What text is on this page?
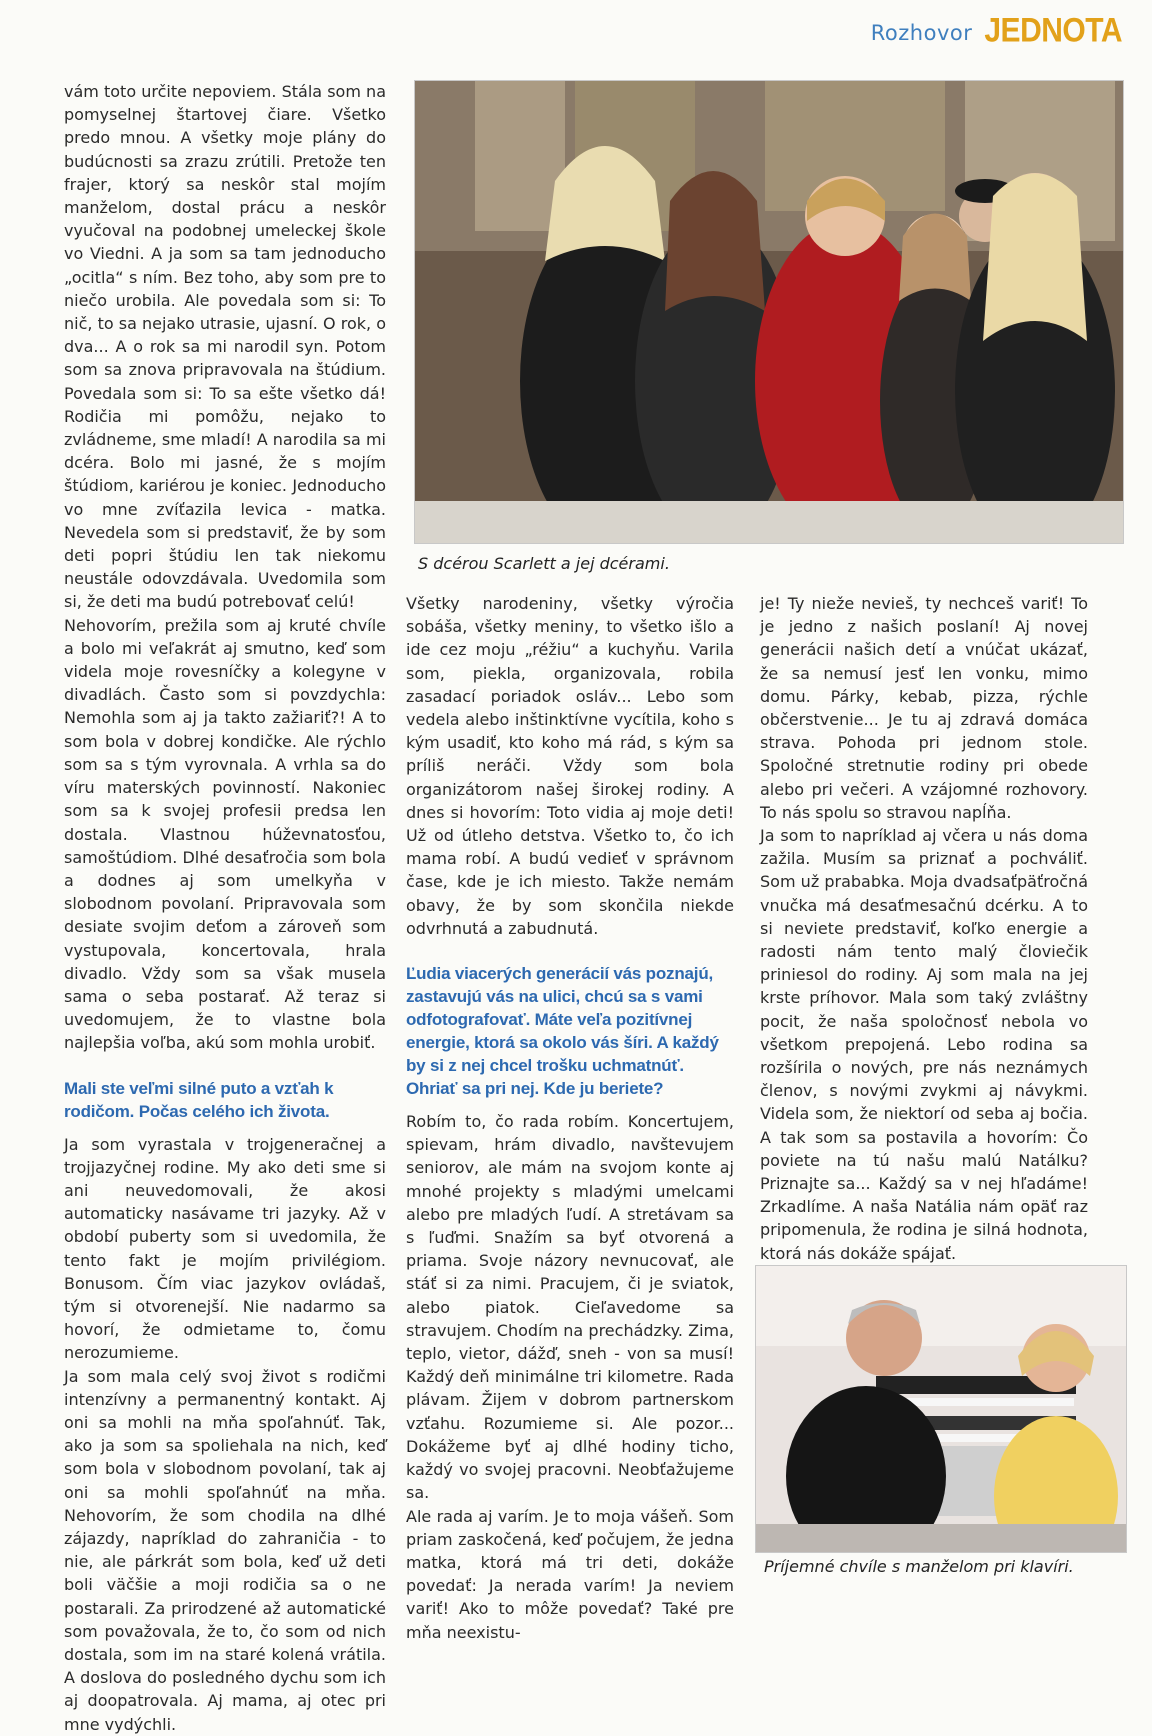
Rozhovor JEDNOTA

vám toto určite nepoviem. Stála som na pomyselnej štartovej čiare. Všetko predo mnou. A všetky moje plány do budúcnosti sa zrazu zrútili. Pretože ten frajer, ktorý sa neskôr stal mojím manželom, dostal prácu a neskôr vyučoval na podobnej umeleckej škole vo Viedni. A ja som sa tam jednoducho „ocitla“ s ním. Bez toho, aby som pre to niečo urobila. Ale povedala som si: To nič, to sa nejako utrasie, ujasní. O rok, o dva... A o rok sa mi narodil syn. Potom som sa znova pripravovala na štúdium. Povedala som si: To sa ešte všetko dá! Rodičia mi pomôžu, nejako to zvládneme, sme mladí! A narodila sa mi dcéra. Bolo mi jasné, že s mojím štúdiom, kariérou je koniec. Jednoducho vo mne zvíťazila levica - matka. Nevedela som si predstaviť, že by som deti popri štúdiu len tak niekomu neustále odovzdávala. Uvedomila som si, že deti ma budú potrebovať celú!

Nehovorím, prežila som aj kruté chvíle a bolo mi veľakrát aj smutno, keď som videla moje rovesníčky a kolegyne v divadlách. Často som si povzdychla: Nemohla som aj ja takto zažiariť?! A to som bola v dobrej kondičke. Ale rýchlo som sa s tým vyrovnala. A vrhla sa do víru materských povinností. Nakoniec som sa k svojej profesii predsa len dostala. Vlastnou húževnatosťou, samoštúdiom. Dlhé desaťročia som bola a dodnes aj som umelkyňa v slobodnom povolaní. Pripravovala som desiate svojim deťom a zároveň som vystupovala, koncertovala, hrala divadlo. Vždy som sa však musela sama o seba postarať. Až teraz si uvedomujem, že to vlastne bola najlepšia voľba, akú som mohla urobiť.

Mali ste veľmi silné puto a vzťah k rodičom. Počas celého ich života.

Ja som vyrastala v trojgeneračnej a trojjazyčnej rodine. My ako deti sme si ani neuvedomovali, že akosi automaticky nasávame tri jazyky. Až v období puberty som si uvedomila, že tento fakt je mojím privilégiom. Bonusom. Čím viac jazykov ovládaš, tým si otvorenejší. Nie nadarmo sa hovorí, že odmietame to, čomu nerozumieme.

Ja som mala celý svoj život s rodičmi intenzívny a permanentný kontakt. Aj oni sa mohli na mňa spoľahnúť. Tak, ako ja som sa spoliehala na nich, keď som bola v slobodnom povolaní, tak aj oni sa mohli spoľahnúť na mňa. Nehovorím, že som chodila na dlhé zájazdy, napríklad do zahraničia - to nie, ale párkrát som bola, keď už deti boli väčšie a moji rodičia sa o ne postarali. Za prirodzené až automatické som považovala, že to, čo som od nich dostala, som im na staré kolená vrátila. A doslova do posledného dychu som ich aj doopatrovala. Aj mama, aj otec pri mne vydýchli.

S dcérou Scarlett a jej dcérami.

Všetky narodeniny, všetky výročia sobáša, všetky meniny, to všetko išlo a ide cez moju „réžiu“ a kuchyňu. Varila som, piekla, organizovala, robila zasadací poriadok osláv... Lebo som vedela alebo inštinktívne vycítila, koho s kým usadiť, kto koho má rád, s kým sa príliš neráči. Vždy som bola organizátorom našej širokej rodiny. A dnes si hovorím: Toto vidia aj moje deti! Už od útleho detstva. Všetko to, čo ich mama robí. A budú vedieť v správnom čase, kde je ich miesto. Takže nemám obavy, že by som skončila niekde odvrhnutá a zabudnutá.

Ľudia viacerých generácií vás poznajú, zastavujú vás na ulici, chcú sa s vami odfotografovať. Máte veľa pozitívnej energie, ktorá sa okolo vás šíri. A každý by si z nej chcel trošku uchmatnúť. Ohriať sa pri nej. Kde ju beriete?

Robím to, čo rada robím. Koncertujem, spievam, hrám divadlo, navštevujem seniorov, ale mám na svojom konte aj mnohé projekty s mladými umelcami alebo pre mladých ľudí. A stretávam sa s ľuďmi. Snažím sa byť otvorená a priama. Svoje názory nevnucovať, ale stáť si za nimi. Pracujem, či je sviatok, alebo piatok. Cieľavedome sa stravujem. Chodím na prechádzky. Zima, teplo, vietor, dážď, sneh - von sa musí! Každý deň minimálne tri kilometre. Rada plávam. Žijem v dobrom partnerskom vzťahu. Rozumieme si. Ale pozor... Dokážeme byť aj dlhé hodiny ticho, každý vo svojej pracovni. Neobťažujeme sa.

Ale rada aj varím. Je to moja vášeň. Som priam zaskočená, keď počujem, že jedna matka, ktorá má tri deti, dokáže povedať: Ja nerada varím! Ja neviem variť! Ako to môže povedať? Také pre mňa neexistu-

je! Ty nieže nevieš, ty nechceš variť! To je jedno z našich poslaní! Aj novej generácii našich detí a vnúčat ukázať, že sa nemusí jesť len vonku, mimo domu. Párky, kebab, pizza, rýchle občerstvenie... Je tu aj zdravá domáca strava. Pohoda pri jednom stole. Spoločné stretnutie rodiny pri obede alebo pri večeri. A vzájomné rozhovory. To nás spolu so stravou napĺňa.

Ja som to napríklad aj včera u nás doma zažila. Musím sa priznať a pochváliť. Som už prababka. Moja dvadsaťpäťročná vnučka má desaťmesačnú dcérku. A to si neviete predstaviť, koľko energie a radosti nám tento malý človiečik priniesol do rodiny. Aj som mala na jej krste príhovor. Mala som taký zvláštny pocit, že naša spoločnosť nebola vo všetkom prepojená. Lebo rodina sa rozšírila o nových, pre nás neznámych členov, s novými zvykmi aj návykmi. Videla som, že niektorí od seba aj bočia. A tak som sa postavila a hovorím: Čo poviete na tú našu malú Natálku? Priznajte sa... Každý sa v nej hľadáme! Zrkadlíme. A naša Natália nám opäť raz pripomenula, že rodina je silná hodnota, ktorá nás dokáže spájať.

Príjemné chvíle s manželom pri klavíri.
